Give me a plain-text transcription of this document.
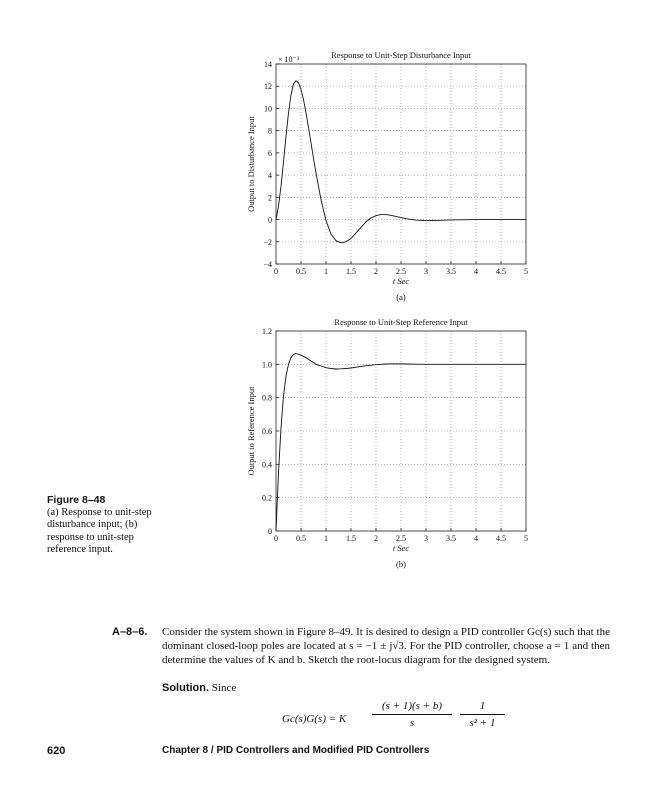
0 0.5 1 1.5 2 2.5 3 3.5 4 4.5 5
−4
−2
0
2
4
6
8
10
12
14
Response to Unit-Step Disturbance Input
t Sec
Output to Disturbance Input
× 10⁻³
(a)
0 0.5 1 1.5 2 2.5 3 3.5 4 4.5 5
0
0.2
0.4
0.6
0.8
1.0
1.2
Response to Unit-Step Reference Input
t Sec
Output to Reference Input
(b)
Figure 8–48
(a) Response to unit-step disturbance input; (b) response to unit-step reference input.
A–8–6. Consider the system shown in Figure 8–49. It is desired to design a PID controller Gc(s) such that the dominant closed-loop poles are located at s = −1 ± j√3. For the PID controller, choose a = 1 and then determine the values of K and b. Sketch the root-locus diagram for the designed system.
Solution. Since
Gc(s)G(s) = K $\frac{(s + 1)(s + b)}{s} \frac{1}{\text{s² + 1}}$
620	Chapter 8 / PID Controllers and Modified PID Controllers
